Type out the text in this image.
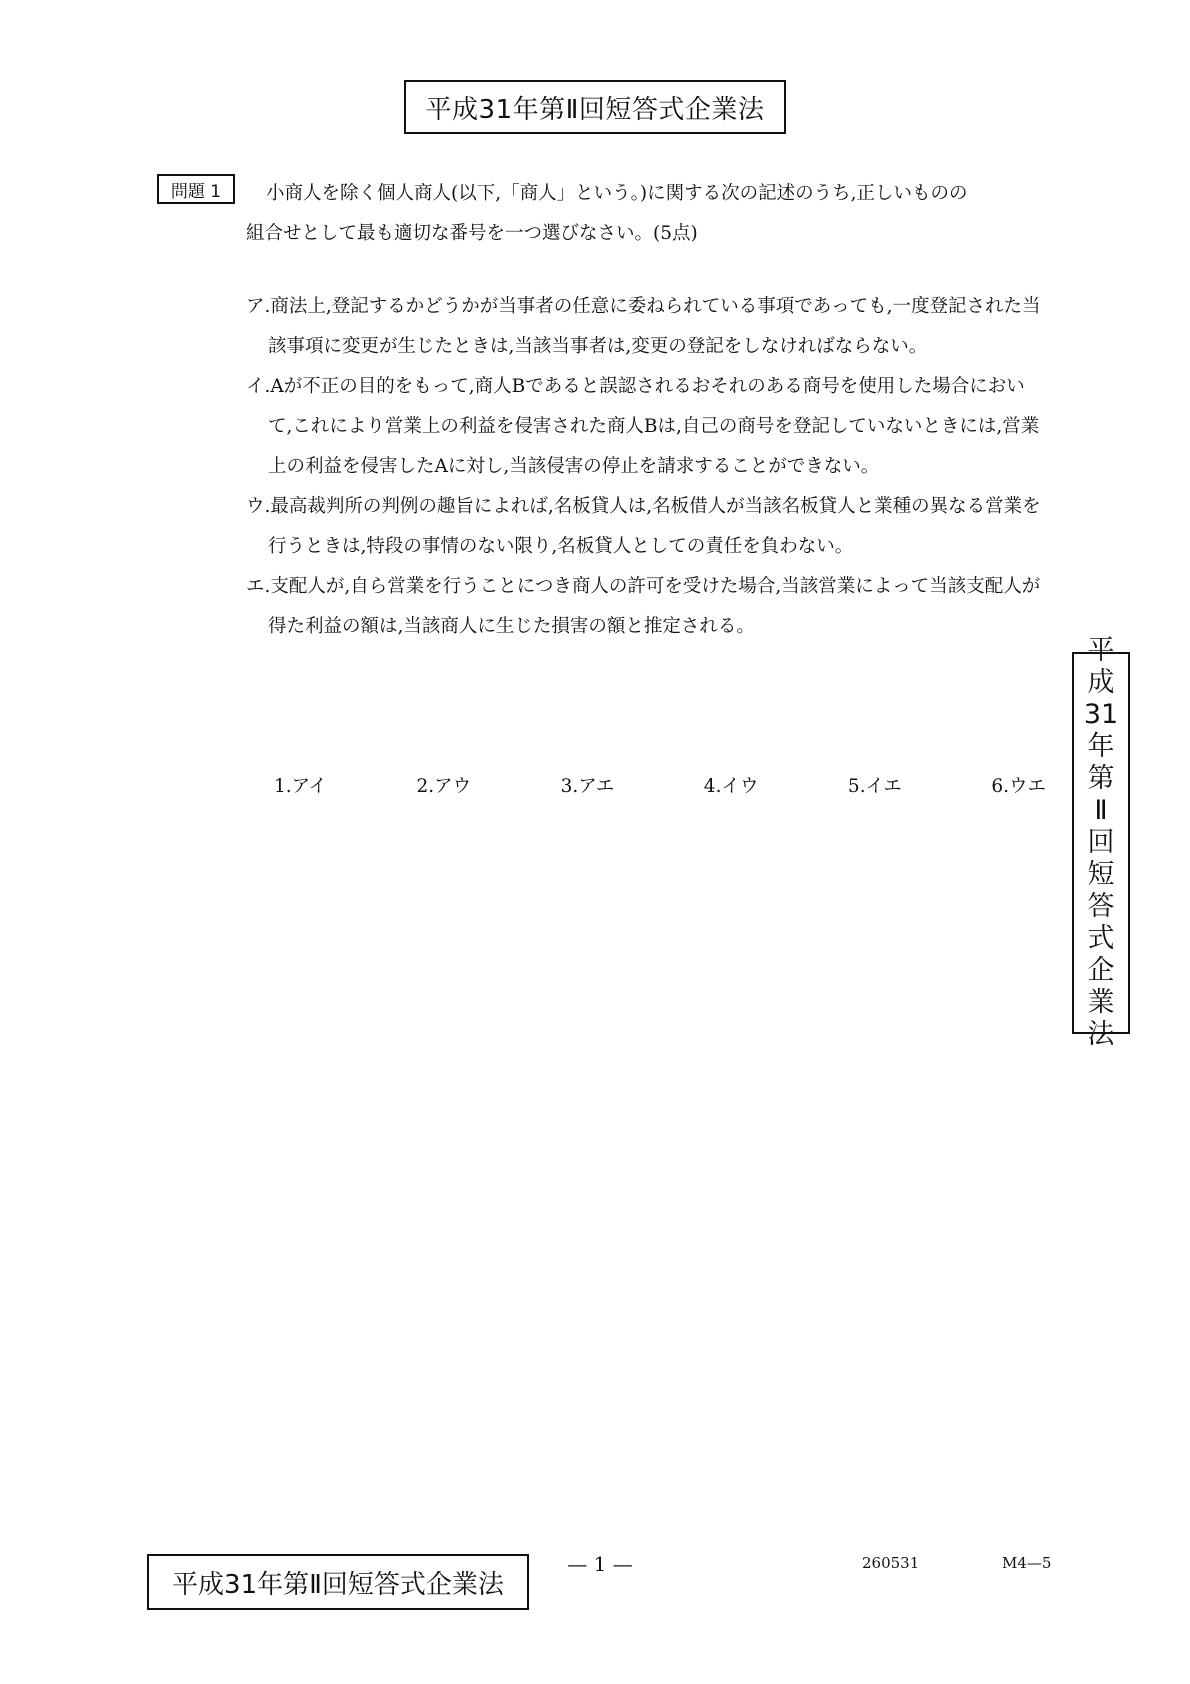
平成31年第Ⅱ回短答式企業法
問題 1	小商人を除く個人商人(以下,「商人」という。)に関する次の記述のうち,正しいものの
組合せとして最も適切な番号を一つ選びなさい。(5点)

ア.商法上,登記するかどうかが当事者の任意に委ねられている事項であっても,一度登記された当該事項に変更が生じたときは,当該当事者は,変更の登記をしなければならない。
イ.Aが不正の目的をもって,商人Bであると誤認されるおそれのある商号を使用した場合において,これにより営業上の利益を侵害された商人Bは,自己の商号を登記していないときには,営業上の利益を侵害したAに対し,当該侵害の停止を請求することができない。
ウ.最高裁判所の判例の趣旨によれば,名板貸人は,名板借人が当該名板貸人と業種の異なる営業を行うときは,特段の事情のない限り,名板貸人としての責任を負わない。
エ.支配人が,自ら営業を行うことにつき商人の許可を受けた場合,当該営業によって当該支配人が得た利益の額は,当該商人に生じた損害の額と推定される。
1.アイ	2.アウ	3.アエ	4.イウ	5.イエ	6.ウエ
平
成
31
年
第
Ⅱ
回
短
答
式
企
業
法
平成31年第Ⅱ回短答式企業法
— 1 —	260531	M4—5
